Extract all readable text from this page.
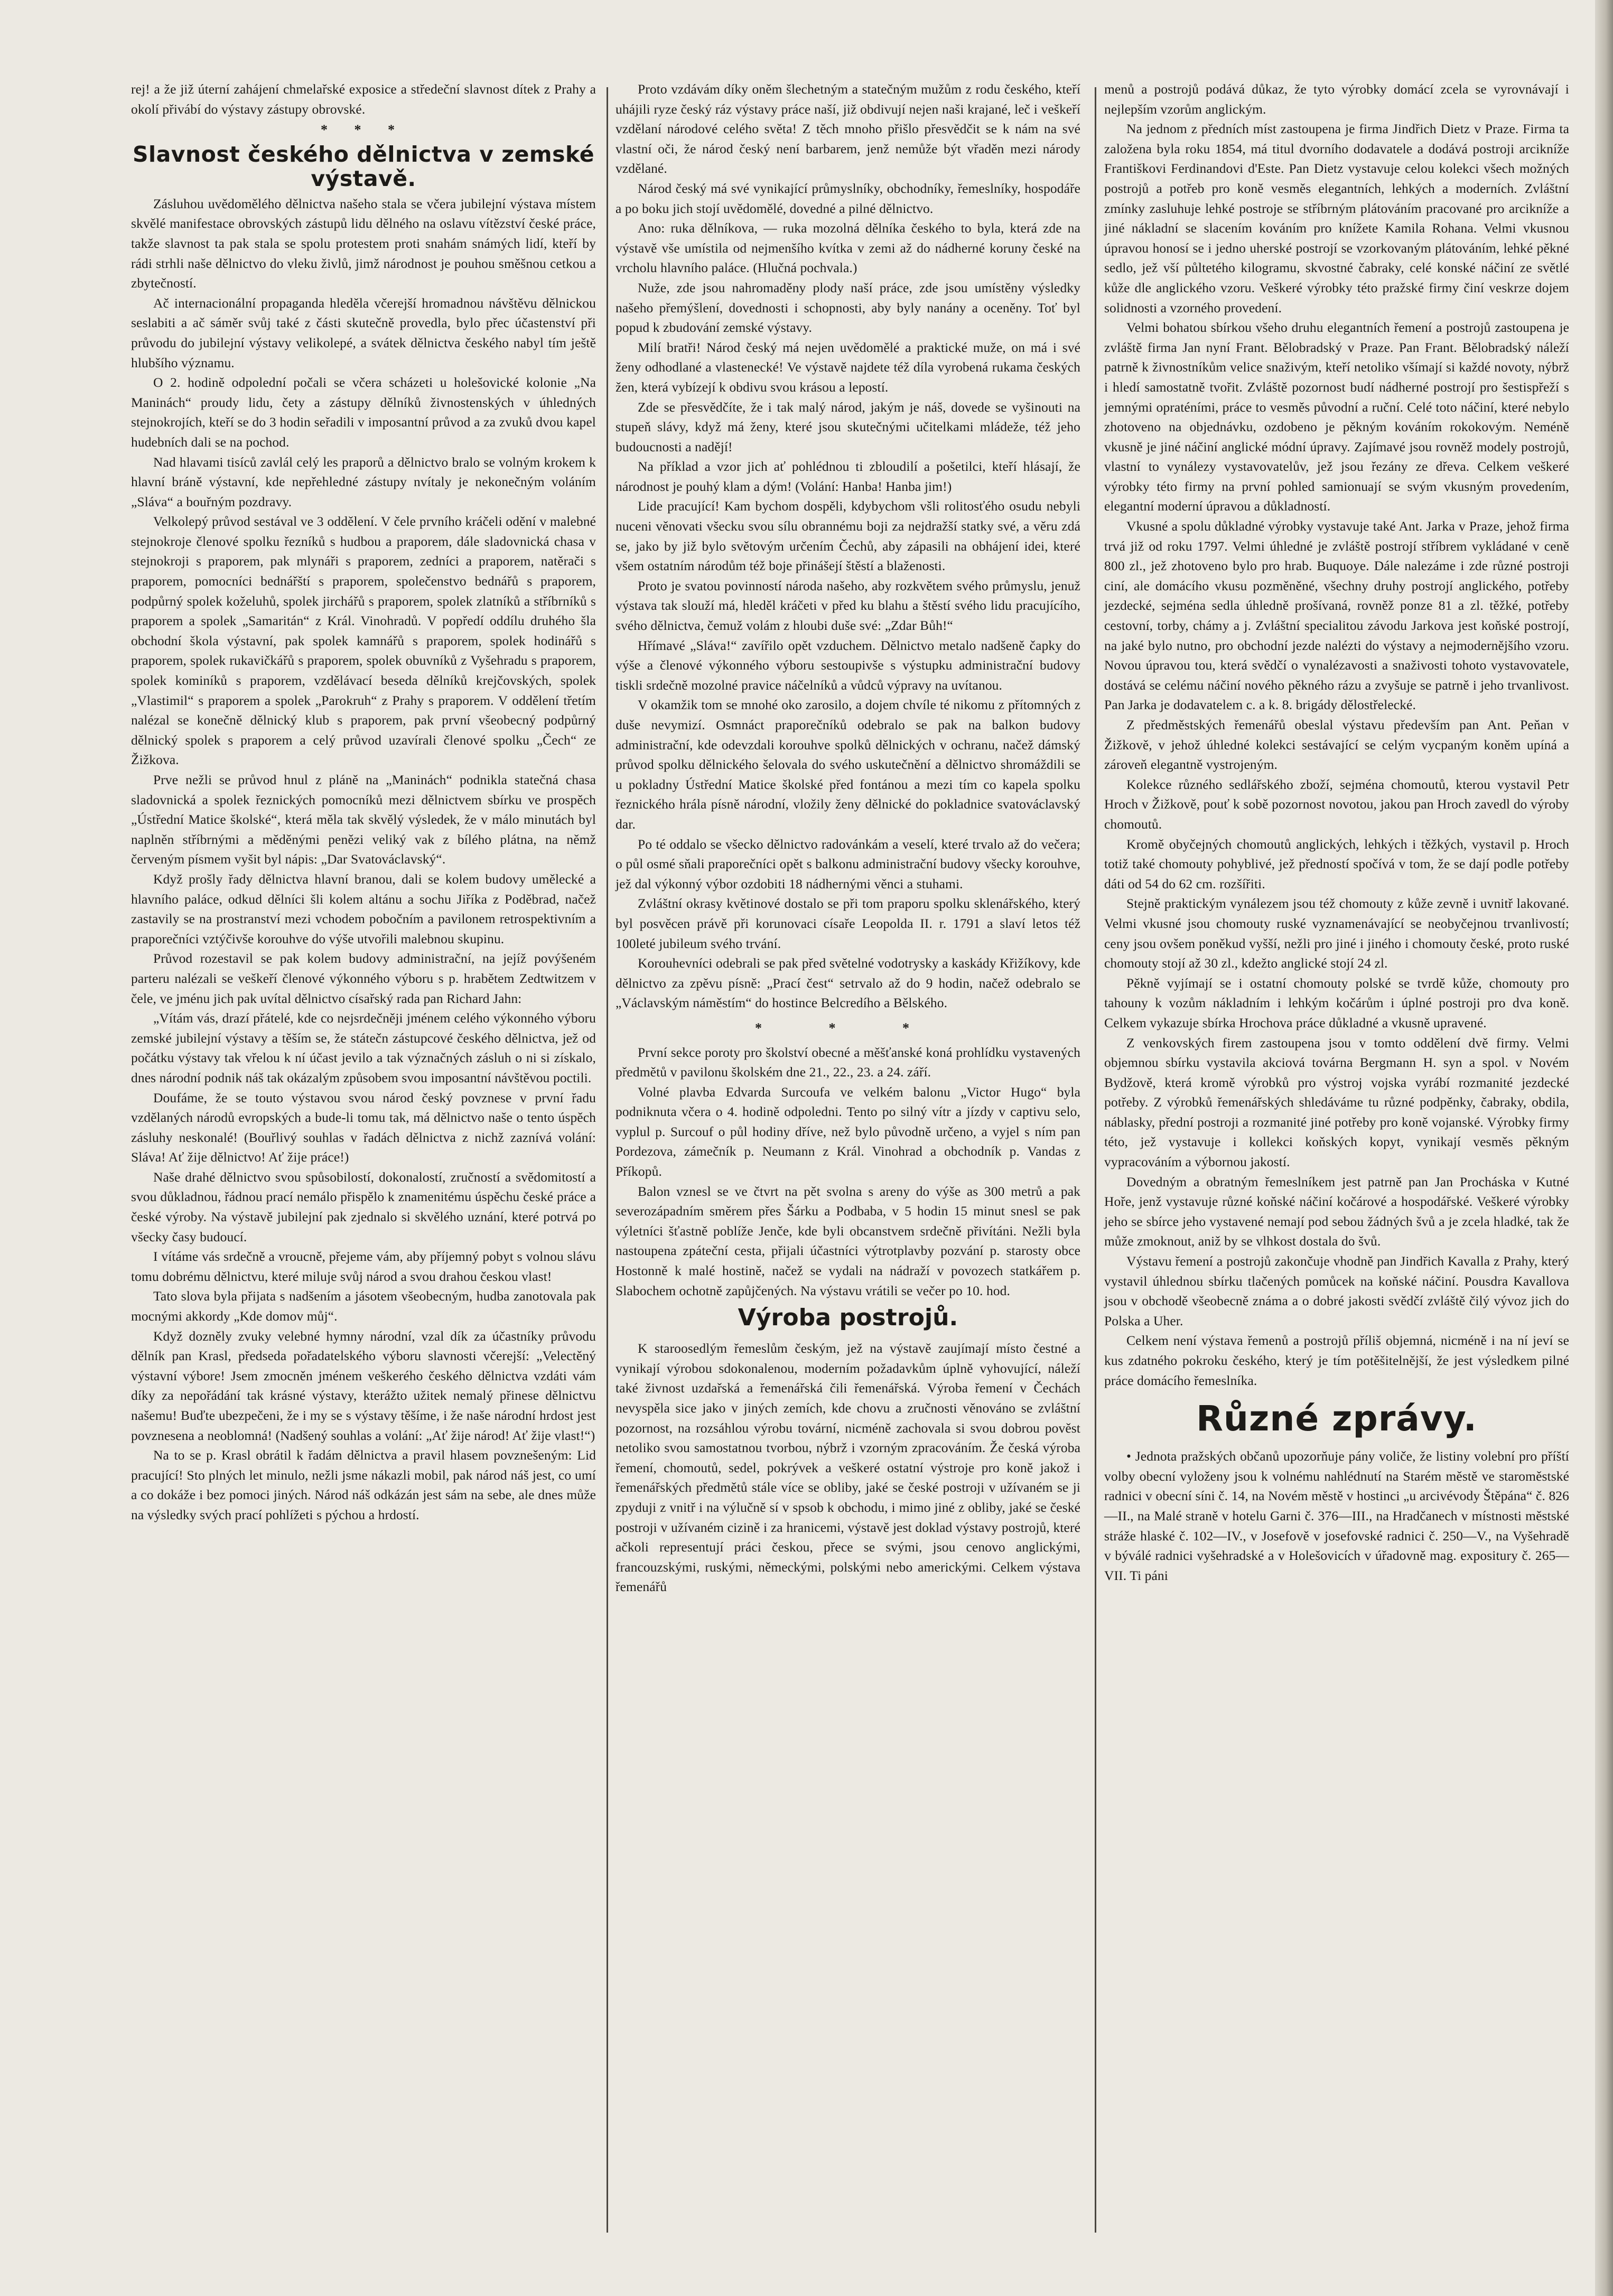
rej! a že již úterní zahájení chmelařské exposice a středeční slavnost dítek z Prahy a okolí přivábí do výstavy zástupy obrovské.

* * *
Slavnost českého dělnictva v zemské výstavě.

Zásluhou uvědomělého dělnictva našeho stala se včera jubilejní výstava místem skvělé manifestace obrovských zástupů lidu dělného na oslavu vítězství české práce, takže slavnost ta pak stala se spolu protestem proti snahám snámých lidí, kteří by rádi strhli naše dělnictvo do vleku živlů, jimž národnost je pouhou směšnou cetkou a zbytečností.

Ač internacionální propaganda hleděla včerejší hromadnou návštěvu dělnickou seslabiti a ač sáměr svůj také z části skutečně provedla, bylo přec účastenství při průvodu do jubilejní výstavy velikolepé, a svátek dělnictva českého nabyl tím ještě hlubšího významu.

O 2. hodině odpolední počali se včera scházeti u holešovické kolonie „Na Maninách“ proudy lidu, čety a zástupy dělníků živnostenských v úhledných stejnokrojích, kteří se do 3 hodin seřadili v imposantní průvod a za zvuků dvou kapel hudebních dali se na pochod.

Nad hlavami tisíců zavlál celý les praporů a dělnictvo bralo se volným krokem k hlavní bráně výstavní, kde nepřehledné zástupy nvítaly je nekonečným voláním „Sláva“ a bouřným pozdravy.

Velkolepý průvod sestával ve 3 oddělení. V čele prvního kráčeli odění v malebné stejnokroje členové spolku řezníků s hudbou a praporem, dále sladovnická chasa v stejnokroji s praporem, pak mlynáři s praporem, zedníci a praporem, natěrači s praporem, pomocníci bednářští s praporem, společenstvo bednářů s praporem, podpůrný spolek koželuhů, spolek jirchářů s praporem, spolek zlatníků a stříbrníků s praporem a spolek „Samaritán“ z Král. Vinohradů. V popředí oddílu druhého šla obchodní škola výstavní, pak spolek kamnářů s praporem, spolek hodinářů s praporem, spolek rukavičkářů s praporem, spolek obuvníků z Vyšehradu s praporem, spolek kominíků s praporem, vzdělávací beseda dělníků krejčovských, spolek „Vlastimil“ s praporem a spolek „Parokruh“ z Prahy s praporem. V oddělení třetím nalézal se konečně dělnický klub s praporem, pak první všeobecný podpůrný dělnický spolek s praporem a celý průvod uzavírali členové spolku „Čech“ ze Žižkova.

Prve nežli se průvod hnul z pláně na „Maninách“ podnikla statečná chasa sladovnická a spolek řeznických pomocníků mezi dělnictvem sbírku ve prospěch „Ústřední Matice školské“, která měla tak skvělý výsledek, že v málo minutách byl naplněn stříbrnými a měděnými penězi veliký vak z bílého plátna, na němž červeným písmem vyšit byl nápis: „Dar Svatováclavský“.

Když prošly řady dělnictva hlavní branou, dali se kolem budovy umělecké a hlavního paláce, odkud dělníci šli kolem altánu a sochu Jiříka z Poděbrad, načež zastavily se na prostranství mezi vchodem pobočním a pavilonem retrospektivním a praporečníci vztýčivše korouhve do výše utvořili malebnou skupinu.

Průvod rozestavil se pak kolem budovy administrační, na jejíž povýšeném parteru nalézali se veškeří členové výkonného výboru s p. hrabětem Zedtwitzem v čele, ve jménu jich pak uvítal dělnictvo císařský rada pan Richard Jahn:

„Vítám vás, drazí přátelé, kde co nejsrdečněji jménem celého výkonného výboru zemské jubilejní výstavy a těším se, že státečn zástupcové českého dělnictva, jež od počátku výstavy tak vřelou k ní účast jevilo a tak význačných zásluh o ni si získalo, dnes národní podnik náš tak okázalým způsobem svou imposantní návštěvou poctili.

Doufáme, že se touto výstavou svou národ český povznese v první řadu vzdělaných národů evropských a bude-li tomu tak, má dělnictvo naše o tento úspěch zásluhy neskonalé! (Bouřlivý souhlas v řadách dělnictva z nichž zaznívá volání: Sláva! Ať žije dělnictvo! Ať žije práce!)

Naše drahé dělnictvo svou spůsobilostí, dokonalostí, zručností a svědomitostí a svou důkladnou, řádnou prací nemálo přispělo k znamenitému úspěchu české práce a české výroby. Na výstavě jubilejní pak zjednalo si skvělého uznání, které potrvá po všecky časy budoucí.

I vítáme vás srdečně a vroucně, přejeme vám, aby příjemný pobyt s volnou slávu tomu dobrému dělnictvu, které miluje svůj národ a svou drahou českou vlast!

Tato slova byla přijata s nadšením a jásotem všeobecným, hudba zanotovala pak mocnými akkordy „Kde domov můj“.

Když dozněly zvuky velebné hymny národní, vzal dík za účastníky průvodu dělník pan Krasl, předseda pořadatelského výboru slavnosti včerejší: „Velectěný výstavní výbore! Jsem zmocněn jménem veškerého českého dělnictva vzdáti vám díky za nepořádání tak krásné výstavy, kterážto užitek nemalý přinese dělnictvu našemu! Buďte ubezpečeni, že i my se s výstavy těšíme, i že naše národní hrdost jest povznesena a neoblomná! (Nadšený souhlas a volání: „Ať žije národ! Ať žije vlast!“)

Na to se p. Krasl obrátil k řadám dělnictva a pravil hlasem povznešeným: Lid pracující! Sto plných let minulo, nežli jsme nákazli mobil, pak národ náš jest, co umí a co dokáže i bez pomoci jiných. Národ náš odkázán jest sám na sebe, ale dnes může na výsledky svých prací pohlížeti s pýchou a hrdostí.

Proto vzdávám díky oněm šlechetným a statečným mužům z rodu českého, kteří uhájili ryze český ráz výstavy práce naší, již obdivují nejen naši krajané, leč i veškeří vzdělaní národové celého světa! Z těch mnoho přišlo přesvědčit se k nám na své vlastní oči, že národ český není barbarem, jenž nemůže být vřaděn mezi národy vzdělané.

Národ český má své vynikající průmyslníky, obchodníky, řemeslníky, hospodáře a po boku jich stojí uvědomělé, dovedné a pilné dělnictvo.

Ano: ruka dělníkova, — ruka mozolná dělníka českého to byla, která zde na výstavě vše umístila od nejmenšího kvítka v zemi až do nádherné koruny české na vrcholu hlavního paláce. (Hlučná pochvala.)

Nuže, zde jsou nahromaděny plody naší práce, zde jsou umístěny výsledky našeho přemýšlení, dovednosti i schopnosti, aby byly nanány a oceněny. Toť byl popud k zbudování zemské výstavy.

Milí bratři! Národ český má nejen uvědomělé a praktické muže, on má i své ženy odhodlané a vlastenecké! Ve výstavě najdete též díla vyrobená rukama českých žen, která vybízejí k obdivu svou krásou a lepostí.

Zde se přesvědčíte, že i tak malý národ, jakým je náš, dovede se vyšinouti na stupeň slávy, když má ženy, které jsou skutečnými učitelkami mládeže, též jeho budoucnosti a nadějí!

Na příklad a vzor jich ať pohlédnou ti zbloudilí a pošetilci, kteří hlásají, že národnost je pouhý klam a dým! (Volání: Hanba! Hanba jim!)

Lide pracující! Kam bychom dospěli, kdybychom všli rolitosťého osudu nebyli nuceni věnovati všecku svou sílu obrannému boji za nejdražší statky své, a věru zdá se, jako by již bylo světovým určením Čechů, aby zápasili na obhájení idei, které všem ostatním národům též boje přinášejí štěstí a blaženosti.

Proto je svatou povinností národa našeho, aby rozkvětem svého průmyslu, jenuž výstava tak slouží má, hleděl kráčeti v před ku blahu a štěstí svého lidu pracujícího, svého dělnictva, čemuž volám z hloubi duše své: „Zdar Bůh!“

Hřímavé „Sláva!“ zavířilo opět vzduchem. Dělnictvo metalo nadšeně čapky do výše a členové výkonného výboru sestoupivše s výstupku administrační budovy tiskli srdečně mozolné pravice náčelníků a vůdců výpravy na uvítanou.

V okamžik tom se mnohé oko zarosilo, a dojem chvíle té nikomu z přítomných z duše nevymizí. Osmnáct praporečníků odebralo se pak na balkon budovy administrační, kde odevzdali korouhve spolků dělnických v ochranu, načež dámský průvod spolku dělnického šelovala do svého uskutečnění a dělnictvo shromáždili se u pokladny Ústřední Matice školské před fontánou a mezi tím co kapela spolku řeznického hrála písně národní, vložily ženy dělnické do pokladnice svatováclavský dar.

Po té oddalo se všecko dělnictvo radovánkám a veselí, které trvalo až do večera; o půl osmé sňali praporečníci opět s balkonu administrační budovy všecky korouhve, jež dal výkonný výbor ozdobiti 18 nádhernými věnci a stuhami.

Zvláštní okrasy květinové dostalo se při tom praporu spolku sklenářského, který byl posvěcen právě při korunovaci císaře Leopolda II. r. 1791 a slaví letos též 100leté jubileum svého trvání.

Korouhevníci odebrali se pak před světelné vodotrysky a kaskády Křižíkovy, kde dělnictvo za zpěvu písně: „Prací čest“ setrvalo až do 9 hodin, načež odebralo se „Václavským náměstím“ do hostince Belcredího a Bělského.

* * *

První sekce poroty pro školství obecné a měšťanské koná prohlídku vystavených předmětů v pavilonu školském dne 21., 22., 23. a 24. září.

Volné plavba Edvarda Surcoufa ve velkém balonu „Victor Hugo“ byla podniknuta včera o 4. hodině odpoledni. Tento po silný vítr a jízdy v captivu selo, vyplul p. Surcouf o půl hodiny dříve, než bylo původně určeno, a vyjel s ním pan Pordezova, zámečník p. Neumann z Král. Vinohrad a obchodník p. Vandas z Příkopů.

Balon vznesl se ve čtvrt na pět svolna s areny do výše as 300 metrů a pak severozápadním směrem přes Šárku a Podbaba, v 5 hodin 15 minut snesl se pak výletníci šťastně poblíže Jenče, kde byli obcanstvem srdečně přivítáni. Nežli byla nastoupena zpáteční cesta, přijali účastníci výtrotplavby pozvání p. starosty obce Hostonně k malé hostině, načež se vydali na nádraží v povozech statkářem p. Slabochem ochotně zapůjčených. Na výstavu vrátili se večer po 10. hod.

Výroba postrojů.

K staroosedlým řemeslům českým, jež na výstavě zaujímají místo čestné a vynikají výrobou sdokonalenou, moderním požadavkům úplně vyhovující, náleží také živnost uzdařská a řemenářská čili řemenářská. Výroba řemení v Čechách nevyspěla sice jako v jiných zemích, kde chovu a zručnosti věnováno se zvláštní pozornost, na rozsáhlou výrobu tovární, nicméně zachovala si svou dobrou pověst netoliko svou samostatnou tvorbou, nýbrž i vzorným zpracováním. Že česká výroba řemení, chomoutů, sedel, pokrývek a veškeré ostatní výstroje pro koně jakož i řemenářských předmětů stále více se obliby, jaké se české postroji v užívaném se ji zpyduji z vnitř i na výlučně sí v spsob k obchodu, i mimo jiné z obliby, jaké se české postroji v užívaném cizině i za hranicemi, výstavě jest doklad výstavy postrojů, které ačkoli representují práci českou, přece se svými, jsou cenovo anglickými, francouzskými, ruskými, německými, polskými nebo americkými. Celkem výstava řemenářů

menů a postrojů podává důkaz, že tyto výrobky domácí zcela se vyrovnávají i nejlepším vzorům anglickým.

Na jednom z předních míst zastoupena je firma Jindřich Dietz v Praze. Firma ta založena byla roku 1854, má titul dvorního dodavatele a dodává postroji arcikníže Františkovi Ferdinandovi d'Este. Pan Dietz vystavuje celou kolekci všech možných postrojů a potřeb pro koně vesměs elegantních, lehkých a moderních. Zvláštní zmínky zasluhuje lehké postroje se stříbrným plátováním pracované pro arcikníže a jiné nákladní se slacením kováním pro knížete Kamila Rohana. Velmi vkusnou úpravou honosí se i jedno uherské postrojí se vzorkovaným plátováním, lehké pěkné sedlo, jež vší půltetého kilogramu, skvostné čabraky, celé konské náčiní ze světlé kůže dle anglického vzoru. Veškeré výrobky této pražské firmy činí veskrze dojem solidnosti a vzorného provedení.

Velmi bohatou sbírkou všeho druhu elegantních řemení a postrojů zastoupena je zvláště firma Jan nyní Frant. Bělobradský v Praze. Pan Frant. Bělobradský náleží patrně k živnostníkům velice snaživým, kteří netoliko všímají si každé novoty, nýbrž i hledí samostatně tvořit. Zvláště pozornost budí nádherné postrojí pro šestispřeží s jemnými opraténími, práce to vesměs původní a ruční. Celé toto náčiní, které nebylo zhotoveno na objednávku, ozdobeno je pěkným kováním rokokovým. Neméně vkusně je jiné náčiní anglické módní úpravy. Zajímavé jsou rovněž modely postrojů, vlastní to vynálezy vystavovatelův, jež jsou řezány ze dřeva. Celkem veškeré výrobky této firmy na první pohled samionuají se svým vkusným provedením, elegantní moderní úpravou a důkladností.

Vkusné a spolu důkladné výrobky vystavuje také Ant. Jarka v Praze, jehož firma trvá již od roku 1797. Velmi úhledné je zvláště postrojí stříbrem vykládané v ceně 800 zl., jež zhotoveno bylo pro hrab. Buquoye. Dále nalezáme i zde různé postroji ciní, ale domácího vkusu pozměněné, všechny druhy postrojí anglického, potřeby jezdecké, sejména sedla úhledně prošívaná, rovněž ponze 81 a zl. těžké, potřeby cestovní, torby, chámy a j. Zvláštní specialitou závodu Jarkova jest koňské postrojí, na jaké bylo nutno, pro obchodní jezde nalézti do výstavy a nejmodernějšího vzoru. Novou úpravou tou, která svědčí o vynalézavosti a snaživosti tohoto vystavovatele, dostává se celému náčiní nového pěkného rázu a zvyšuje se patrně i jeho trvanlivost. Pan Jarka je dodavatelem c. a k. 8. brigády dělostřelecké.

Z předměstských řemenářů obeslal výstavu především pan Ant. Peňan v Žižkově, v jehož úhledné kolekci sestávající se celým vycpaným koněm upíná a zároveň elegantně vystrojeným.

Kolekce různého sedlářského zboží, sejména chomoutů, kterou vystavil Petr Hroch v Žižkově, pouť k sobě pozornost novotou, jakou pan Hroch zavedl do výroby chomoutů.

Kromě obyčejných chomoutů anglických, lehkých i těžkých, vystavil p. Hroch totiž také chomouty pohyblivé, jež předností spočívá v tom, že se dají podle potřeby dáti od 54 do 62 cm. rozšířiti.

Stejně praktickým vynálezem jsou též chomouty z kůže zevně i uvnitř lakované. Velmi vkusné jsou chomouty ruské vyznamenávající se neobyčejnou trvanlivostí; ceny jsou ovšem poněkud vyšší, nežli pro jiné i jiného i chomouty české, proto ruské chomouty stojí až 30 zl., kdežto anglické stojí 24 zl.

Pěkně vyjímají se i ostatní chomouty polské se tvrdě kůže, chomouty pro tahouny k vozům nákladním i lehkým kočárům i úplné postroji pro dva koně. Celkem vykazuje sbírka Hrochova práce důkladné a vkusně upravené.

Z venkovských firem zastoupena jsou v tomto oddělení dvě firmy. Velmi objemnou sbírku vystavila akciová továrna Bergmann H. syn a spol. v Novém Bydžově, která kromě výrobků pro výstroj vojska vyrábí rozmanité jezdecké potřeby. Z výrobků řemenářských shledáváme tu různé podpěnky, čabraky, obdila, náblasky, přední postroji a rozmanité jiné potřeby pro koně vojanské. Výrobky firmy této, jež vystavuje i kollekci koňských kopyt, vynikají vesměs pěkným vypracováním a výbornou jakostí.

Dovedným a obratným řemeslníkem jest patrně pan Jan Procháska v Kutné Hoře, jenž vystavuje různé koňské náčiní kočárové a hospodářské. Veškeré výrobky jeho se sbírce jeho vystavené nemají pod sebou žádných švů a je zcela hladké, tak že může zmoknout, aniž by se vlhkost dostala do švů.

Výstavu řemení a postrojů zakončuje vhodně pan Jindřich Kavalla z Prahy, který vystavil úhlednou sbírku tlačených pomůcek na koňské náčiní. Pousdra Kavallova jsou v obchodě všeobecně známa a o dobré jakosti svědčí zvláště čilý vývoz jich do Polska a Uher.

Celkem není výstava řemenů a postrojů příliš objemná, nicméně i na ní jeví se kus zdatného pokroku českého, který je tím potěšitelnější, že jest výsledkem pilné práce domácího řemeslníka.

Různé zprávy.

• Jednota pražských občanů upozorňuje pány voliče, že listiny volební pro příští volby obecní vyloženy jsou k volnému nahlédnutí na Starém městě ve staroměstské radnici v obecní síni č. 14, na Novém městě v hostinci „u arcivévody Štěpána“ č. 826—II., na Malé straně v hotelu Garni č. 376—III., na Hradčanech v místnosti městské stráže hlaské č. 102—IV., v Josefově v josefovské radnici č. 250—V., na Vyšehradě v býválé radnici vyšehradské a v Holešovicích v úřadovně mag. expositury č. 265—VII. Ti páni
